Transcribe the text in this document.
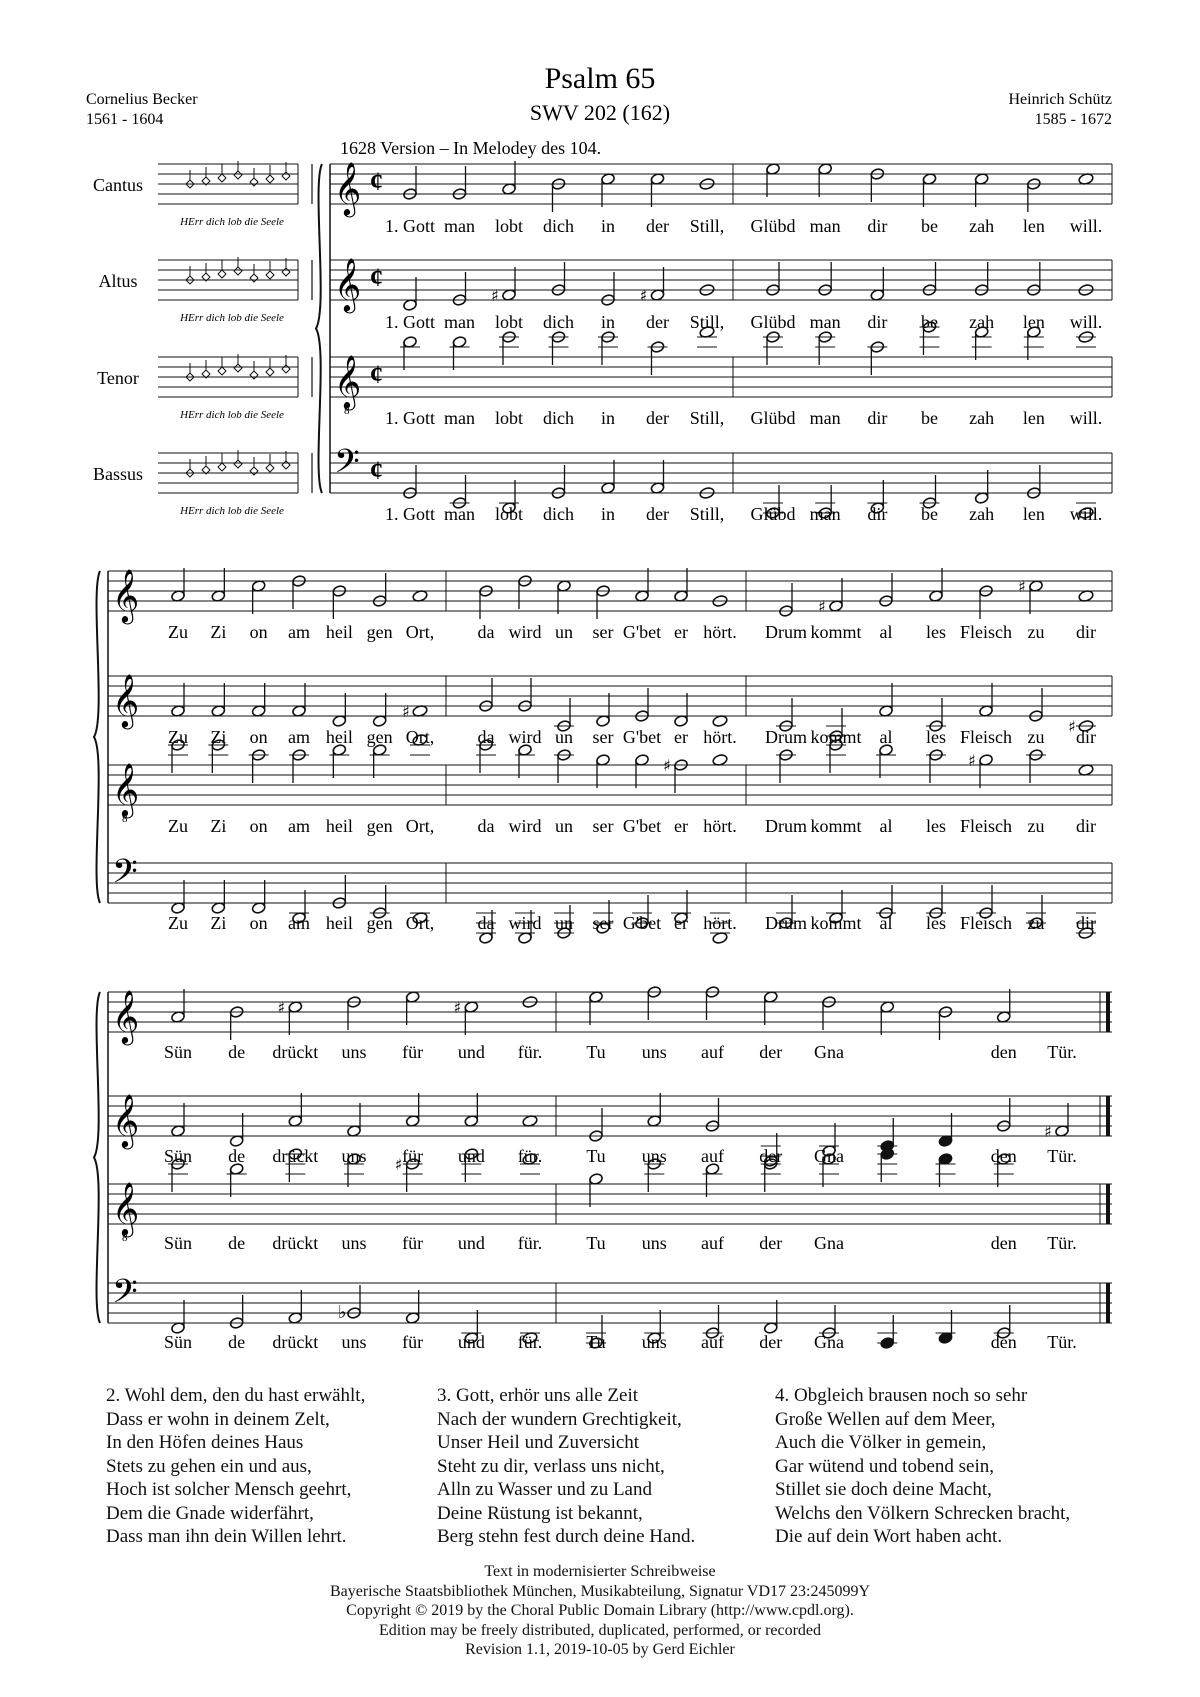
Psalm 65
SWV 202 (162)
Cornelius Becker
1561 - 1604
Heinrich Schütz
1585 - 1672
1628 Version – In Melodey des 104.
Cantus
Altus
Tenor
Bassus
𝄞 ¢
HErr dich lob die Seele
𝄞 ¢
HErr dich lob die Seele
𝄞
8
¢
HErr dich lob die Seele
𝄢 ¢
HErr dich lob die Seele
1. Gott
1. Gott
1. Gott
1. Gott
man
man
man
man
lobt
♯
lobt
lobt
lobt
dich
dich
dich
dich
in
in
in
in
der
♯
der
der
der
Still,
Still,
Still,
Still,
Glübd
Glübd
Glübd
Glübd
man
man
man
man
dir
dir
dir
dir
be
be
be
be
zah
zah
zah
zah
len
len
len
len
will.
will.
will.
will.
𝄞
𝄞
𝄞
8
𝄢
Zu
Zu
Zu
Zu
Zi
Zi
Zi
Zi
on
on
on
on
am
am
am
am
heil
heil
heil
heil
gen
gen
gen
gen
Ort,
♯
Ort,
Ort,
Ort,
da
da
da
da
wird
wird
wird
wird
un
un
un
un
ser
ser
ser
ser
G'bet
G'bet
G'bet
G'bet
er
er
♯
er
er
hört.
hört.
hört.
hört.
Drum
Drum
Drum
Drum
♯
kommt
kommt
kommt
kommt
al
al
al
al
les
les
les
les
Fleisch
Fleisch
♯
Fleisch
Fleisch
♯
zu
zu
zu
zu
dir
♯
dir
dir
dir
𝄞
𝄞
𝄞
8
𝄢
Sün
Sün
Sün
Sün
de
de
de
de
♯
drückt
drückt
drückt
drückt
uns
uns
uns
♭
uns
für
für
♯
für
für
♯
und
und
und
und
für.
für.
für.
für.
Tu
Tu
Tu
Tu
uns
uns
uns
uns
auf
auf
auf
auf
der
der
der
der
Gna
Gna
Gna
Gna
den
den
den
den
Tür.
♯
Tür.
Tür.
Tür.
2. Wohl dem, den du hast erwählt,
Dass er wohn in deinem Zelt,
In den Höfen deines Haus
Stets zu gehen ein und aus,
Hoch ist solcher Mensch geehrt,
Dem die Gnade widerfährt,
Dass man ihn dein Willen lehrt.
3. Gott, erhör uns alle Zeit
Nach der wundern Grechtigkeit,
Unser Heil und Zuversicht
Steht zu dir, verlass uns nicht,
Alln zu Wasser und zu Land
Deine Rüstung ist bekannt,
Berg stehn fest durch deine Hand.
4. Obgleich brausen noch so sehr
Große Wellen auf dem Meer,
Auch die Völker in gemein,
Gar wütend und tobend sein,
Stillet sie doch deine Macht,
Welchs den Völkern Schrecken bracht,
Die auf dein Wort haben acht.
Text in modernisierter Schreibweise
Bayerische Staatsbibliothek München, Musikabteilung, Signatur VD17 23:245099Y
Copyright © 2019 by the Choral Public Domain Library (http://www.cpdl.org).
Edition may be freely distributed, duplicated, performed, or recorded
Revision 1.1, 2019-10-05 by Gerd Eichler
